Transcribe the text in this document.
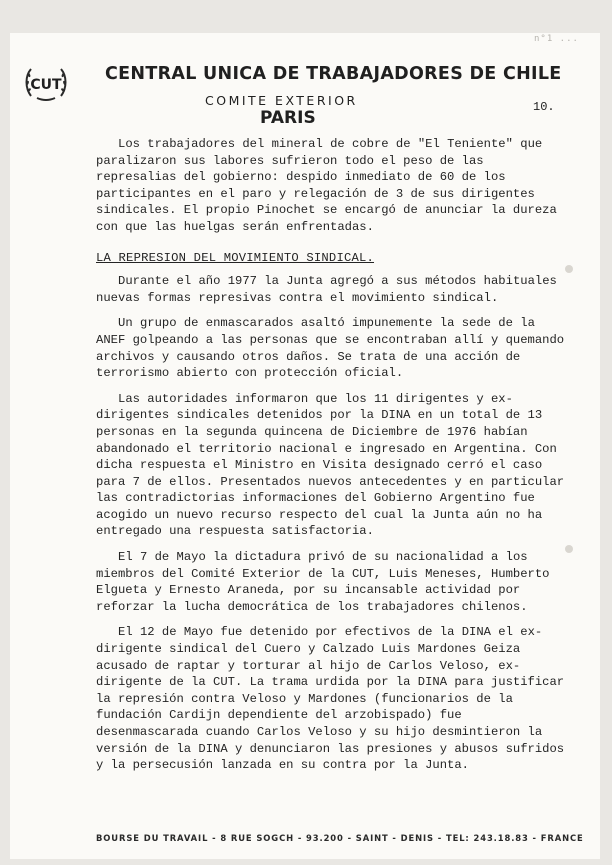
n°1 ...
CUT
CENTRAL UNICA DE TRABAJADORES DE CHILE
COMITE EXTERIOR
PARIS
10.

Los trabajadores del mineral de cobre de "El Teniente" que paralizaron sus labores sufrieron todo el peso de las represalias del gobierno: despido inmediato de 60 de los participantes en el paro y relegación de 3 de sus dirigentes sindicales. El propio Pinochet se encargó de anunciar la dureza con que las huelgas serán enfrentadas.

LA REPRESION DEL MOVIMIENTO SINDICAL.

Durante el año 1977 la Junta agregó a sus métodos habituales nuevas formas represivas contra el movimiento sindical.

Un grupo de enmascarados asaltó impunemente la sede de la ANEF golpeando a las personas que se encontraban allí y quemando archivos y causando otros daños. Se trata de una acción de terrorismo abierto con protección oficial.

Las autoridades informaron que los 11 dirigentes y ex-dirigentes sindicales detenidos por la DINA en un total de 13 personas en la segunda quincena de Diciembre de 1976 habían abandonado el territorio nacional e ingresado en Argentina. Con dicha respuesta el Ministro en Visita designado cerró el caso para 7 de ellos. Presentados nuevos antecedentes y en particular las contradictorias informaciones del Gobierno Argentino fue acogido un nuevo recurso respecto del cual la Junta aún no ha entregado una respuesta satisfactoria.

El 7 de Mayo la dictadura privó de su nacionalidad a los miembros del Comité Exterior de la CUT, Luis Meneses, Humberto Elgueta y Ernesto Araneda, por su incansable actividad por reforzar la lucha democrática de los trabajadores chilenos.

El 12 de Mayo fue detenido por efectivos de la DINA el ex-dirigente sindical del Cuero y Calzado Luis Mardones Geiza acusado de raptar y torturar al hijo de Carlos Veloso, ex-dirigente de la CUT. La trama urdida por la DINA para justificar la represión contra Veloso y Mardones (funcionarios de la fundación Cardijn dependiente del arzobispado) fue desenmascarada cuando Carlos Veloso y su hijo desmintieron la versión de la DINA y denunciaron las presiones y abusos sufridos y la persecusión lanzada en su contra por la Junta.

BOURSE DU TRAVAIL - 8 RUE SOGCH - 93.200 - SAINT - DENIS - TEL: 243.18.83 - FRANCE
